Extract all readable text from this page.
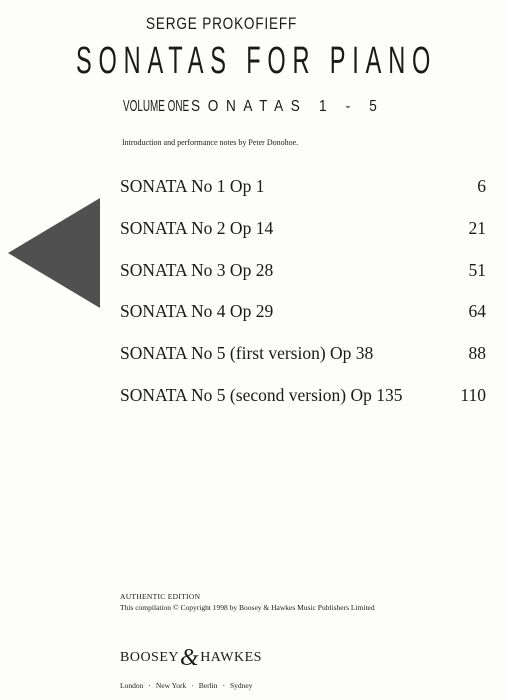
SERGE PROKOFIEFF
SONATAS FOR PIANO
VOLUME ONE SONATAS 1 - 5
Introduction and performance notes by Peter Donohoe.
SONATA No 1 Op 1	6
SONATA No 2 Op 14	21
SONATA No 3 Op 28	51
SONATA No 4 Op 29	64
SONATA No 5 (first version) Op 38	88
SONATA No 5 (second version) Op 135	110
AUTHENTIC EDITION
This compilation © Copyright 1998 by Boosey & Hawkes Music Publishers Limited
BOOSEY&HAWKES
London · New York · Berlin · Sydney
